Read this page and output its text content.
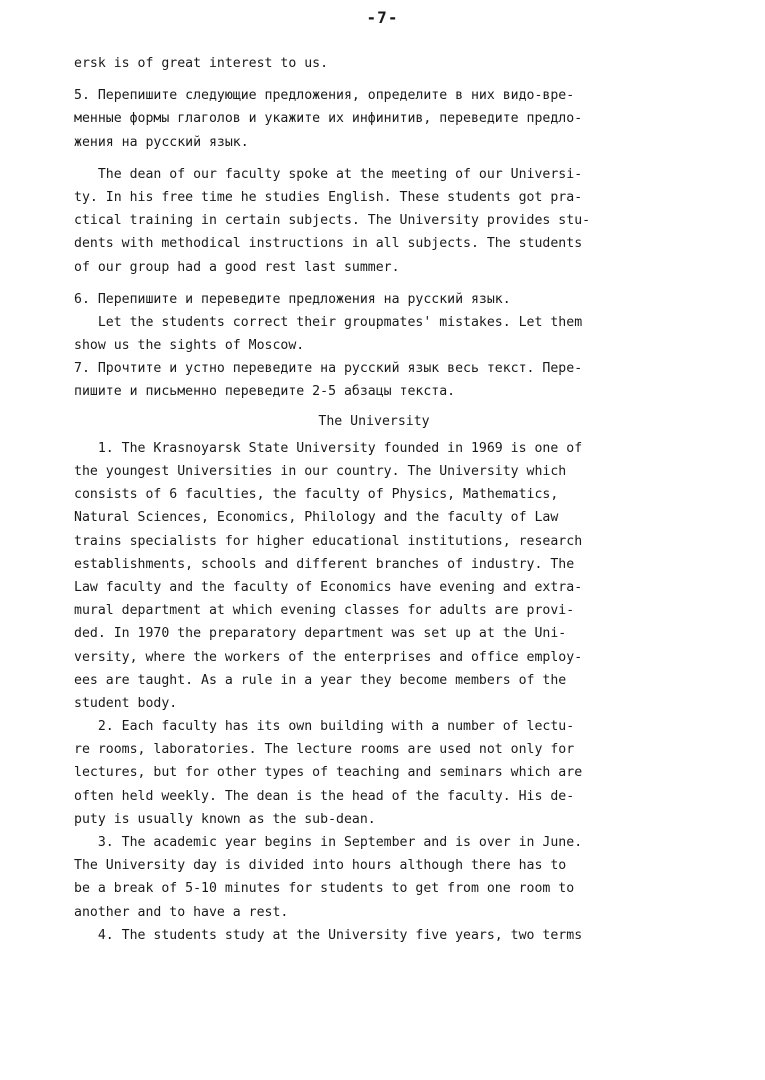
-7-
ersk is of great interest to us.
5. Перепишите следующие предложения, определите в них видо-вре-
менные формы глаголов и укажите их инфинитив, переведите предло-
жения на русский язык.
The dean of our faculty spoke at the meeting of our Universi-
ty. In his free time he studies English. These students got pra-
ctical training in certain subjects. The University provides stu-
dents with methodical instructions in all subjects. The students
of our group had a good rest last summer.
6. Перепишите и переведите предложения на русский язык.
Let the students correct their groupmates' mistakes. Let them
show us the sights of Moscow.
7. Прочтите и устно переведите на русский язык весь текст. Пере-
пишите и письменно переведите 2-5 абзацы текста.
The University
1. The Krasnoyarsk State University founded in 1969 is one of
the youngest Universities in our country. The University which
consists of 6 faculties, the faculty of Physics, Mathematics,
Natural Sciences, Economics, Philology and the faculty of Law
trains specialists for higher educational institutions, research
establishments, schools and different branches of industry. The
Law faculty and the faculty of Economics have evening and extra-
mural department at which evening classes for adults are provi-
ded. In 1970 the preparatory department was set up at the Uni-
versity, where the workers of the enterprises and office employ-
ees are taught. As a rule in a year they become members of the
student body.
2. Each faculty has its own building with a number of lectu-
re rooms, laboratories. The lecture rooms are used not only for
lectures, but for other types of teaching and seminars which are
often held weekly. The dean is the head of the faculty. His de-
puty is usually known as the sub-dean.
3. The academic year begins in September and is over in June.
The University day is divided into hours although there has to
be a break of 5-10 minutes for students to get from one room to
another and to have a rest.
4. The students study at the University five years, two terms
